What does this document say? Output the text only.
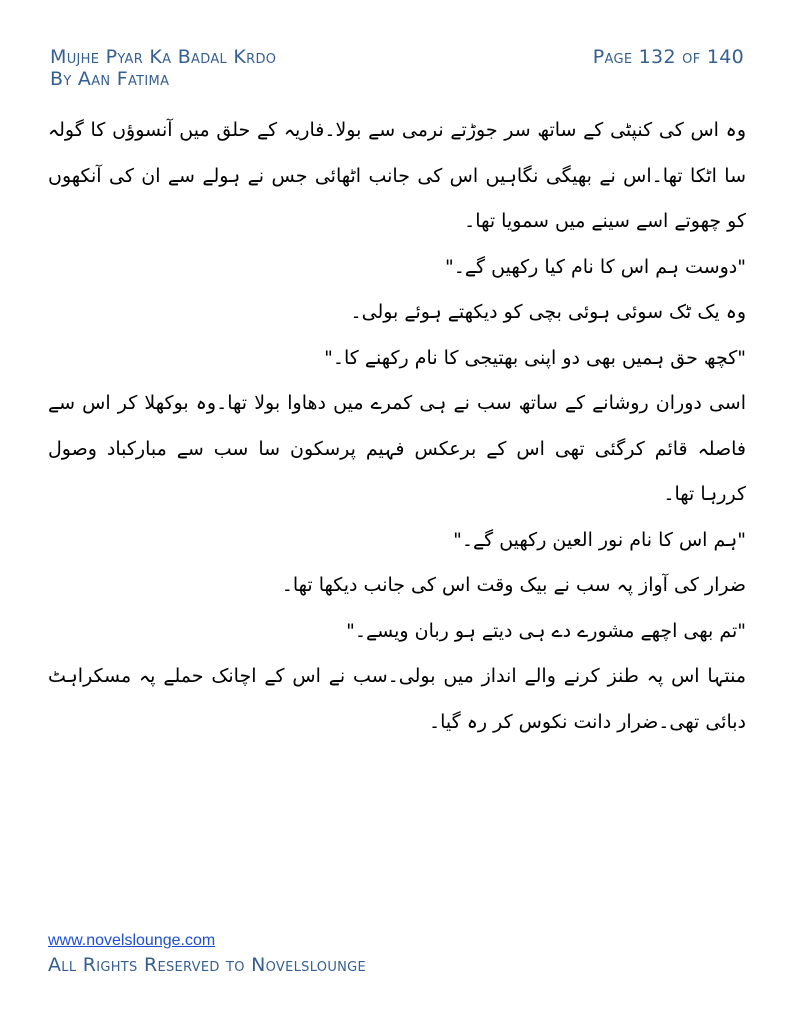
Mujhe Pyar Ka Badal Krdo
By Aan Fatima
Page 132 of 140

وہ اس کی کنپٹی کے ساتھ سر جوڑتے نرمی سے بولا۔فاریہ کے حلق میں آنسوؤں کا گولہ سا اٹکا تھا۔اس نے بھیگی نگاہیں اس کی جانب اٹھائی جس نے ہولے سے ان کی آنکھوں کو چھوتے اسے سینے میں سمویا تھا۔

"دوست ہم اس کا نام کیا رکھیں گے۔"

وہ یک ٹک سوئی ہوئی بچی کو دیکھتے ہوئے بولی۔

"کچھ حق ہمیں بھی دو اپنی بھتیجی کا نام رکھنے کا۔"

اسی دوران روشانے کے ساتھ سب نے ہی کمرے میں دھاوا بولا تھا۔وہ بوکھلا کر اس سے فاصلہ قائم کرگئی تھی اس کے برعکس فہیم پرسکون سا سب سے مبارکباد وصول کررہا تھا۔

"ہم اس کا نام نور العین رکھیں گے۔"

ضرار کی آواز پہ سب نے بیک وقت اس کی جانب دیکھا تھا۔

"تم بھی اچھے مشورے دے ہی دیتے ہو ربان ویسے۔"

منتہا اس پہ طنز کرنے والے انداز میں بولی۔سب نے اس کے اچانک حملے پہ مسکراہٹ دبائی تھی۔ضرار دانت نکوس کر رہ گیا۔

www.novelslounge.com
All Rights Reserved to Novelslounge
